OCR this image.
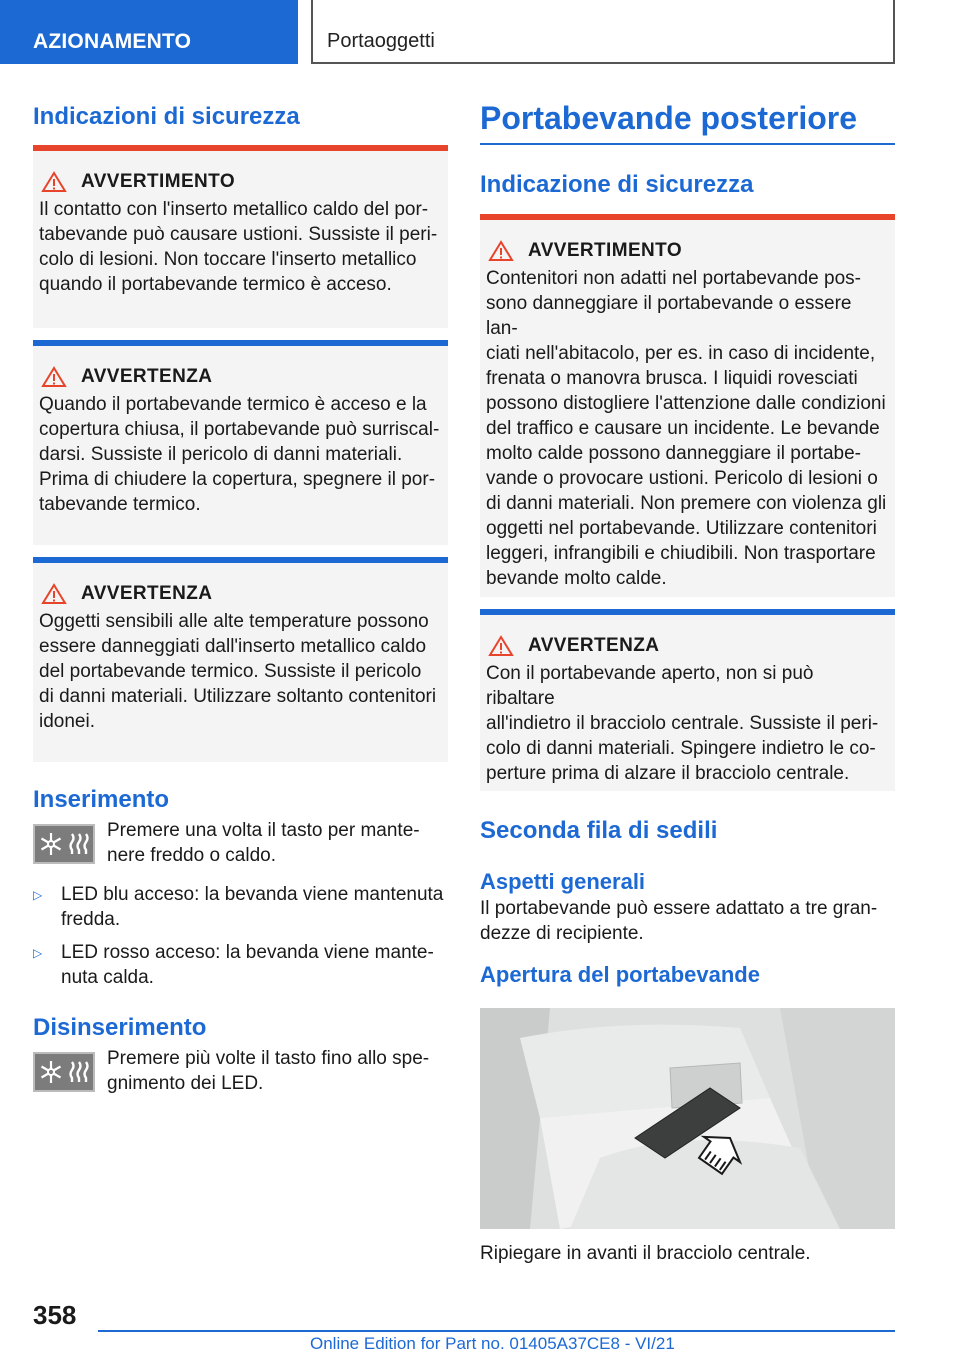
AZIONAMENTO	Portaoggetti
Indicazioni di sicurezza
AVVERTIMENTO
Il contatto con l'inserto metallico caldo del por‐
tabevande può causare ustioni. Sussiste il peri‐
colo di lesioni. Non toccare l'inserto metallico
quando il portabevande termico è acceso.
AVVERTENZA
Quando il portabevande termico è acceso e la
copertura chiusa, il portabevande può surriscal‐
darsi. Sussiste il pericolo di danni materiali.
Prima di chiudere la copertura, spegnere il por‐
tabevande termico.
AVVERTENZA
Oggetti sensibili alle alte temperature possono
essere danneggiati dall'inserto metallico caldo
del portabevande termico. Sussiste il pericolo
di danni materiali. Utilizzare soltanto contenitori
idonei.
Inserimento
Premere una volta il tasto per mante‐
nere freddo o caldo.
▷ LED blu acceso: la bevanda viene mantenuta
fredda.
▷ LED rosso acceso: la bevanda viene mante‐
nuta calda.
Disinserimento
Premere più volte il tasto fino allo spe‐
gnimento dei LED.
Portabevande posteriore
Indicazione di sicurezza
AVVERTIMENTO
Contenitori non adatti nel portabevande pos‐
sono danneggiare il portabevande o essere lan‐
ciati nell'abitacolo, per es. in caso di incidente,
frenata o manovra brusca. I liquidi rovesciati
possono distogliere l'attenzione dalle condizioni
del traffico e causare un incidente. Le bevande
molto calde possono danneggiare il portabe‐
vande o provocare ustioni. Pericolo di lesioni o
di danni materiali. Non premere con violenza gli
oggetti nel portabevande. Utilizzare contenitori
leggeri, infrangibili e chiudibili. Non trasportare
bevande molto calde.
AVVERTENZA
Con il portabevande aperto, non si può ribaltare
all'indietro il bracciolo centrale. Sussiste il peri‐
colo di danni materiali. Spingere indietro le co‐
perture prima di alzare il bracciolo centrale.
Seconda fila di sedili
Aspetti generali
Il portabevande può essere adattato a tre gran‐
dezze di recipiente.
Apertura del portabevande
Ripiegare in avanti il bracciolo centrale.
358
Online Edition for Part no. 01405A37CE8 - VI/21
